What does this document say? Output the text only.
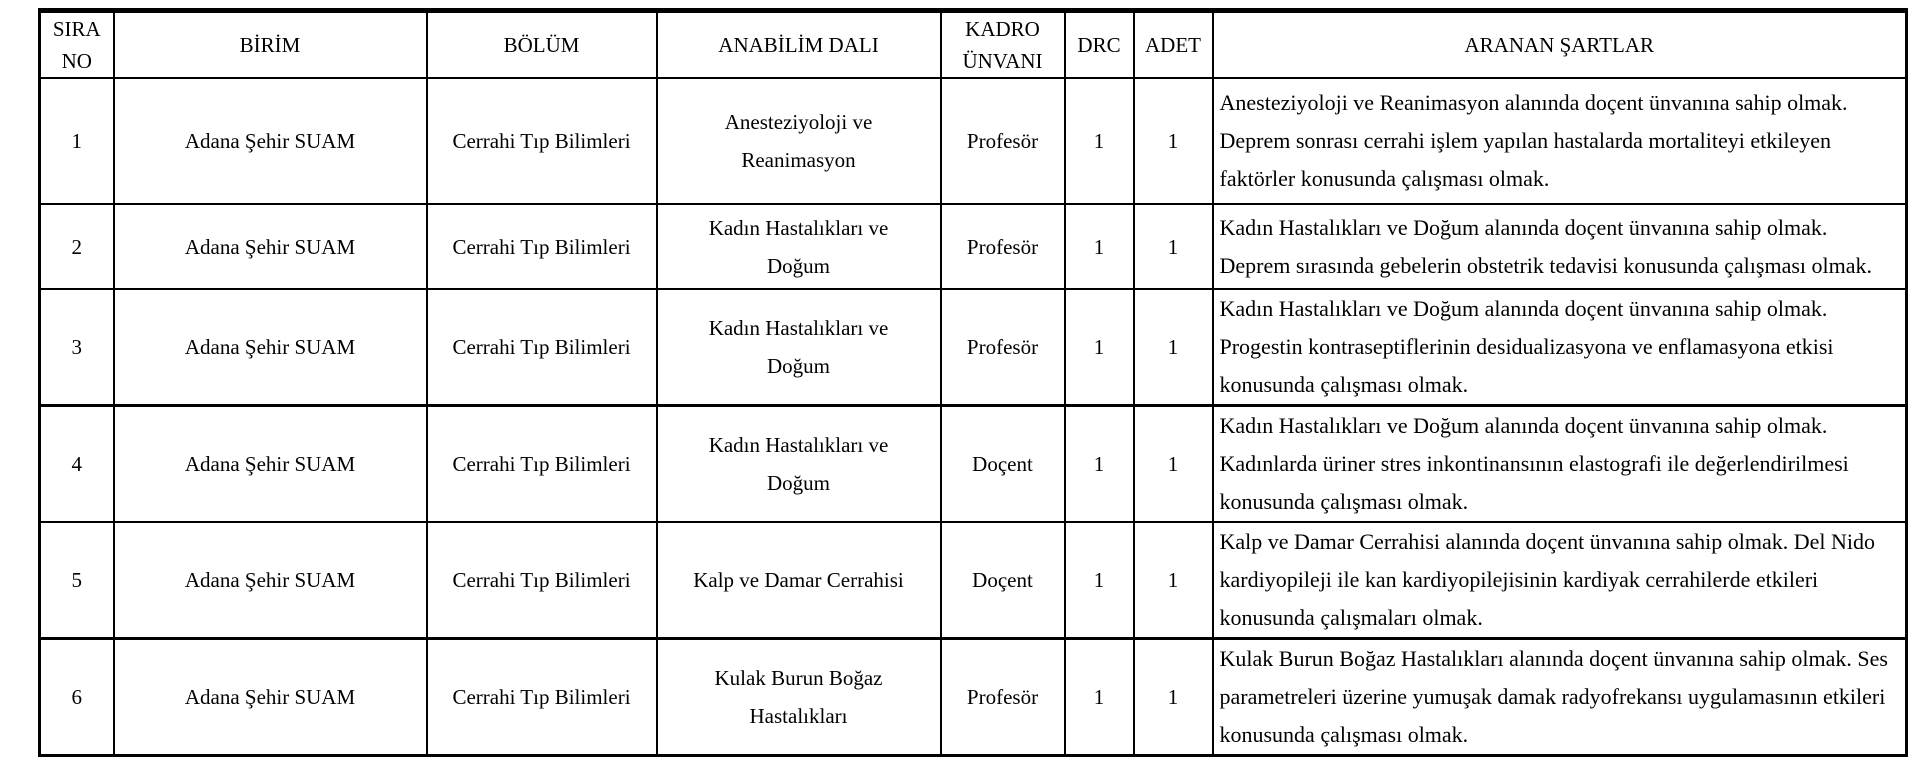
SIRA NO	BİRİM	BÖLÜM	ANABİLİM DALI	KADRO ÜNVANI	DRC	ADET	ARANAN ŞARTLAR
1	Adana Şehir SUAM	Cerrahi Tıp Bilimleri	Anesteziyoloji ve Reanimasyon	Profesör	1	1	Anesteziyoloji ve Reanimasyon alanında doçent ünvanına sahip olmak. Deprem sonrası cerrahi işlem yapılan hastalarda mortaliteyi etkileyen faktörler konusunda çalışması olmak.
2	Adana Şehir SUAM	Cerrahi Tıp Bilimleri	Kadın Hastalıkları ve Doğum	Profesör	1	1	Kadın Hastalıkları ve Doğum alanında doçent ünvanına sahip olmak. Deprem sırasında gebelerin obstetrik tedavisi konusunda çalışması olmak.
3	Adana Şehir SUAM	Cerrahi Tıp Bilimleri	Kadın Hastalıkları ve Doğum	Profesör	1	1	Kadın Hastalıkları ve Doğum alanında doçent ünvanına sahip olmak. Progestin kontraseptiflerinin desidualizasyona ve enflamasyona etkisi konusunda çalışması olmak.
4	Adana Şehir SUAM	Cerrahi Tıp Bilimleri	Kadın Hastalıkları ve Doğum	Doçent	1	1	Kadın Hastalıkları ve Doğum alanında doçent ünvanına sahip olmak. Kadınlarda üriner stres inkontinansının elastografi ile değerlendirilmesi konusunda çalışması olmak.
5	Adana Şehir SUAM	Cerrahi Tıp Bilimleri	Kalp ve Damar Cerrahisi	Doçent	1	1	Kalp ve Damar Cerrahisi alanında doçent ünvanına sahip olmak. Del Nido kardiyopileji ile kan kardiyopilejisinin kardiyak cerrahilerde etkileri konusunda çalışmaları olmak.
6	Adana Şehir SUAM	Cerrahi Tıp Bilimleri	Kulak Burun Boğaz Hastalıkları	Profesör	1	1	Kulak Burun Boğaz Hastalıkları alanında doçent ünvanına sahip olmak. Ses parametreleri üzerine yumuşak damak radyofrekansı uygulamasının etkileri konusunda çalışması olmak.
